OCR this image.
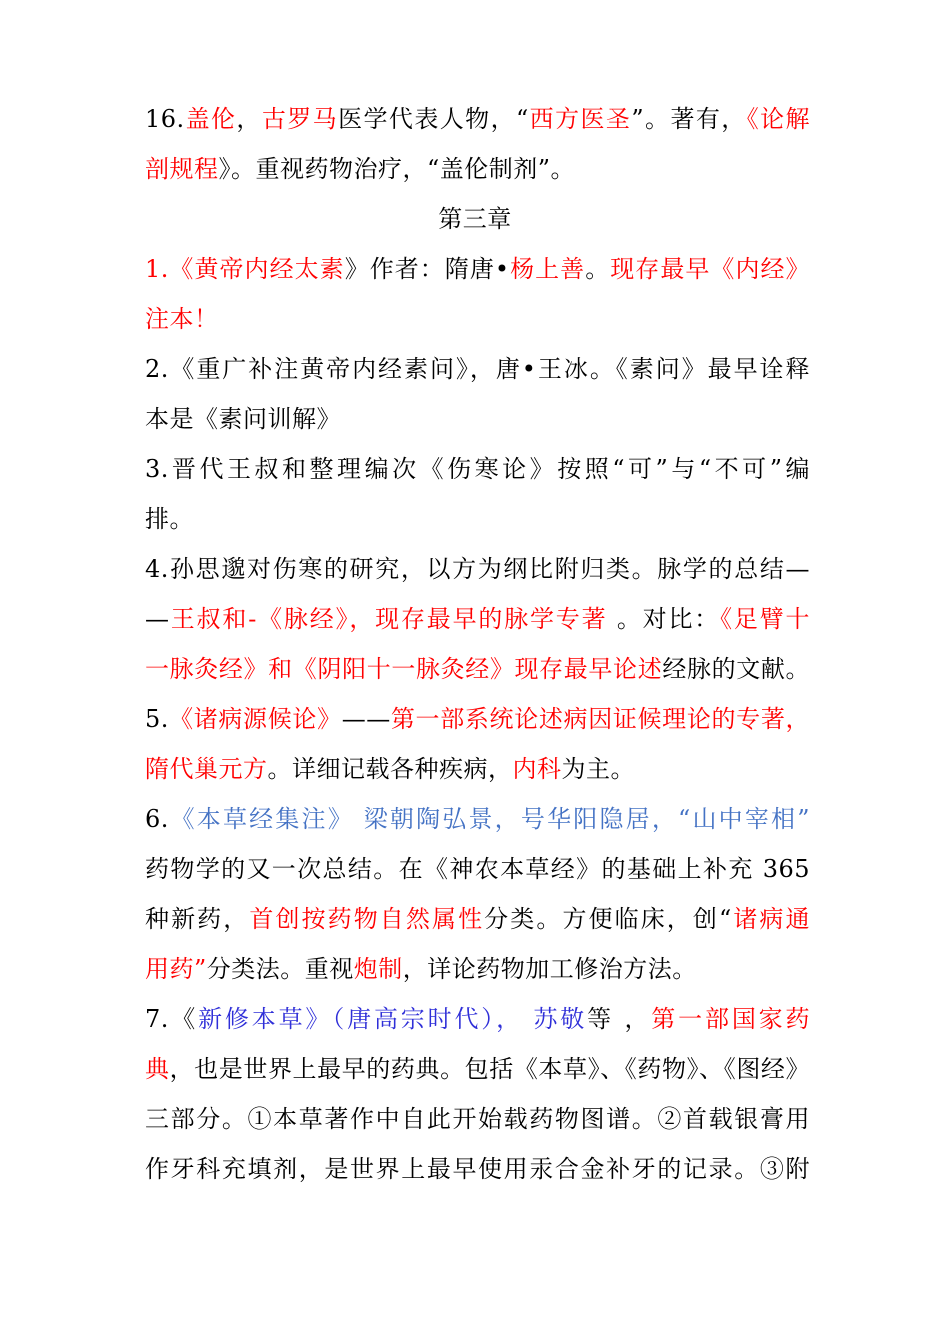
16.盖伦，古罗马医学代表人物，“西方医圣”。著有，《论解
剖规程》。重视药物治疗，“盖伦制剂”。
第三章
1.《黄帝内经太素》作者：隋唐•杨上善。现存最早《内经》
注本！
2.《重广补注黄帝内经素问》，唐•王冰。《素问》最早诠释
本是《素问训解》
3.晋代王叔和整理编次《伤寒论》按照“可”与“不可”编
排。
4.孙思邈对伤寒的研究，以方为纲比附归类。脉学的总结—
—王叔和-《脉经》，现存最早的脉学专著 。对比：《足臂十
一脉灸经》和《阴阳十一脉灸经》现存最早论述经脉的文献。
5.《诸病源候论》——第一部系统论述病因证候理论的专著，
隋代巢元方。详细记载各种疾病，内科为主。
6.《本草经集注》 梁朝陶弘景，号华阳隐居，“山中宰相”
药物学的又一次总结。在《神农本草经》的基础上补充 365
种新药，首创按药物自然属性分类。方便临床，创“诸病通
用药”分类法。重视炮制，详论药物加工修治方法。
7.《新修本草》（唐高宗时代）， 苏敬等 ，第一部国家药
典，也是世界上最早的药典。包括《本草》、《药物》、《图经》
三部分。①本草著作中自此开始载药物图谱。②首载银膏用
作牙科充填剂，是世界上最早使用汞合金补牙的记录。③附
